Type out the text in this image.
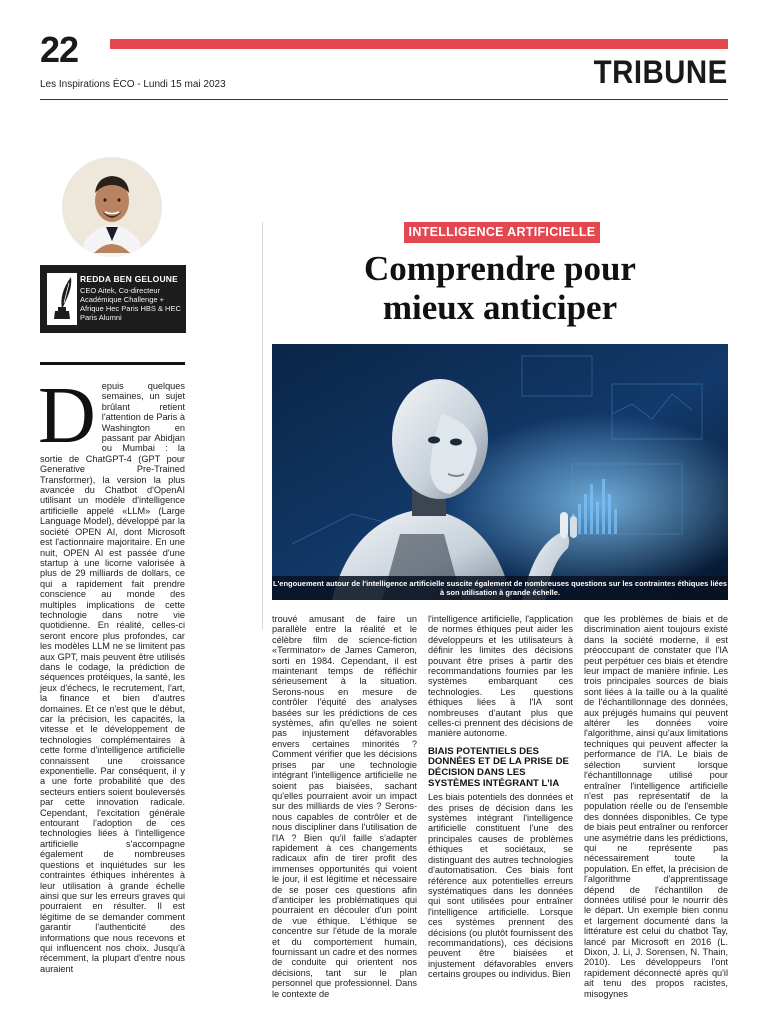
22
Les Inspirations ÉCO - Lundi 15 mai 2023	TRIBUNE
REDDA BEN GELOUNE
CEO Aitek, Co-directeur Académique Challenge + Afrique Hec Paris HBS & HEC Paris Alumni
INTELLIGENCE ARTIFICIELLE
Comprendre pour
mieux anticiper
L'engouement autour de l'intelligence artificielle suscite également de nombreuses questions sur les contraintes éthiques liées à son utilisation à grande échelle.
D epuis quelques semaines, un sujet brûlant retient l'attention de Paris à Washington en passant par Abidjan ou Mumbai : la sortie de ChatGPT-4 (GPT pour Generative Pre-Trained Transformer), la version la plus avancée du Chatbot d'OpenAI utilisant un modèle d'intelligence artificielle appelé «LLM» (Large Language Model), développé par la société OPEN AI, dont Microsoft est l'actionnaire majoritaire. En une nuit, OPEN AI est passée d'une startup à une licorne valorisée à plus de 29 milliards de dollars, ce qui a rapidement fait prendre conscience au monde des multiples implications de cette technologie dans notre vie quotidienne. En réalité, celles-ci seront encore plus profondes, car les modèles LLM ne se limitent pas aux GPT, mais peuvent être utilisés dans le codage, la prédiction de séquences protéiques, la santé, les jeux d'échecs, le recrutement, l'art, la finance et bien d'autres domaines. Et ce n'est que le début, car la précision, les capacités, la vitesse et le développement de technologies complémentaires à cette forme d'intelligence artificielle connaissent une croissance exponentielle. Par conséquent, il y a une forte probabilité que des secteurs entiers soient bouleversés par cette innovation radicale. Cependant, l'excitation générale entourant l'adoption de ces technologies liées à l'intelligence artificielle s'accompagne également de nombreuses questions et inquiétudes sur les contraintes éthiques inhérentes à leur utilisation à grande échelle ainsi que sur les erreurs graves qui pourraient en résulter. Il est légitime de se demander comment garantir l'authenticité des informations que nous recevons et qui influencent nos choix. Jusqu'à récemment, la plupart d'entre nous auraient

trouvé amusant de faire un parallèle entre la réalité et le célèbre film de science-fiction «Terminator» de James Cameron, sorti en 1984. Cependant, il est maintenant temps de réfléchir sérieusement à la situation. Serons-nous en mesure de contrôler l'équité des analyses basées sur les prédictions de ces systèmes, afin qu'elles ne soient pas injustement défavorables envers certaines minorités ? Comment vérifier que les décisions prises par une technologie intégrant l'intelligence artificielle ne soient pas biaisées, sachant qu'elles pourraient avoir un impact sur des milliards de vies ? Serons-nous capables de contrôler et de nous discipliner dans l'utilisation de l'IA ? Bien qu'il faille s'adapter rapidement à ces changements radicaux afin de tirer profit des immenses opportunités qui voient le jour, il est légitime et nécessaire de se poser ces questions afin d'anticiper les problématiques qui pourraient en découler d'un point de vue éthique. L'éthique se concentre sur l'étude de la morale et du comportement humain, fournissant un cadre et des normes de conduite qui orientent nos décisions, tant sur le plan personnel que professionnel. Dans le contexte de

l'intelligence artificielle, l'application de normes éthiques peut aider les développeurs et les utilisateurs à définir les limites des décisions pouvant être prises à partir des recommandations fournies par les systèmes embarquant ces technologies. Les questions éthiques liées à l'IA sont nombreuses d'autant plus que celles-ci prennent des décisions de manière autonome.

BIAIS POTENTIELS DES DONNÉES ET DE LA PRISE DE DÉCISION DANS LES SYSTÈMES INTÉGRANT L'IA

Les biais potentiels des données et des prises de décision dans les systèmes intégrant l'intelligence artificielle constituent l'une des principales causes de problèmes éthiques et sociétaux, se distinguant des autres technologies d'automatisation. Ces biais font référence aux potentielles erreurs systématiques dans les données qui sont utilisées pour entraîner l'intelligence artificielle. Lorsque ces systèmes prennent des décisions (ou plutôt fournissent des recommandations), ces décisions peuvent être biaisées et injustement défavorables envers certains groupes ou individus. Bien

que les problèmes de biais et de discrimination aient toujours existé dans la société moderne, il est préoccupant de constater que l'IA peut perpétuer ces biais et étendre leur impact de manière infinie. Les trois principales sources de biais sont liées à la taille ou à la qualité de l'échantillonnage des données, aux préjugés humains qui peuvent altérer les données voire l'algorithme, ainsi qu'aux limitations techniques qui peuvent affecter la performance de l'IA. Le biais de sélection survient lorsque l'échantillonnage utilisé pour entraîner l'intelligence artificielle n'est pas représentatif de la population réelle ou de l'ensemble des données disponibles. Ce type de biais peut entraîner ou renforcer une asymétrie dans les prédictions, qui ne représente pas nécessairement toute la population. En effet, la précision de l'algorithme d'apprentissage dépend de l'échantillon de données utilisé pour le nourrir dès le départ. Un exemple bien connu et largement documenté dans la littérature est celui du chatbot Tay, lancé par Microsoft en 2016 (L. Dixon, J. Li, J. Sorensen, N. Thain, 2010). Les développeurs l'ont rapidement déconnecté après qu'il ait tenu des propos racistes, misogynes
